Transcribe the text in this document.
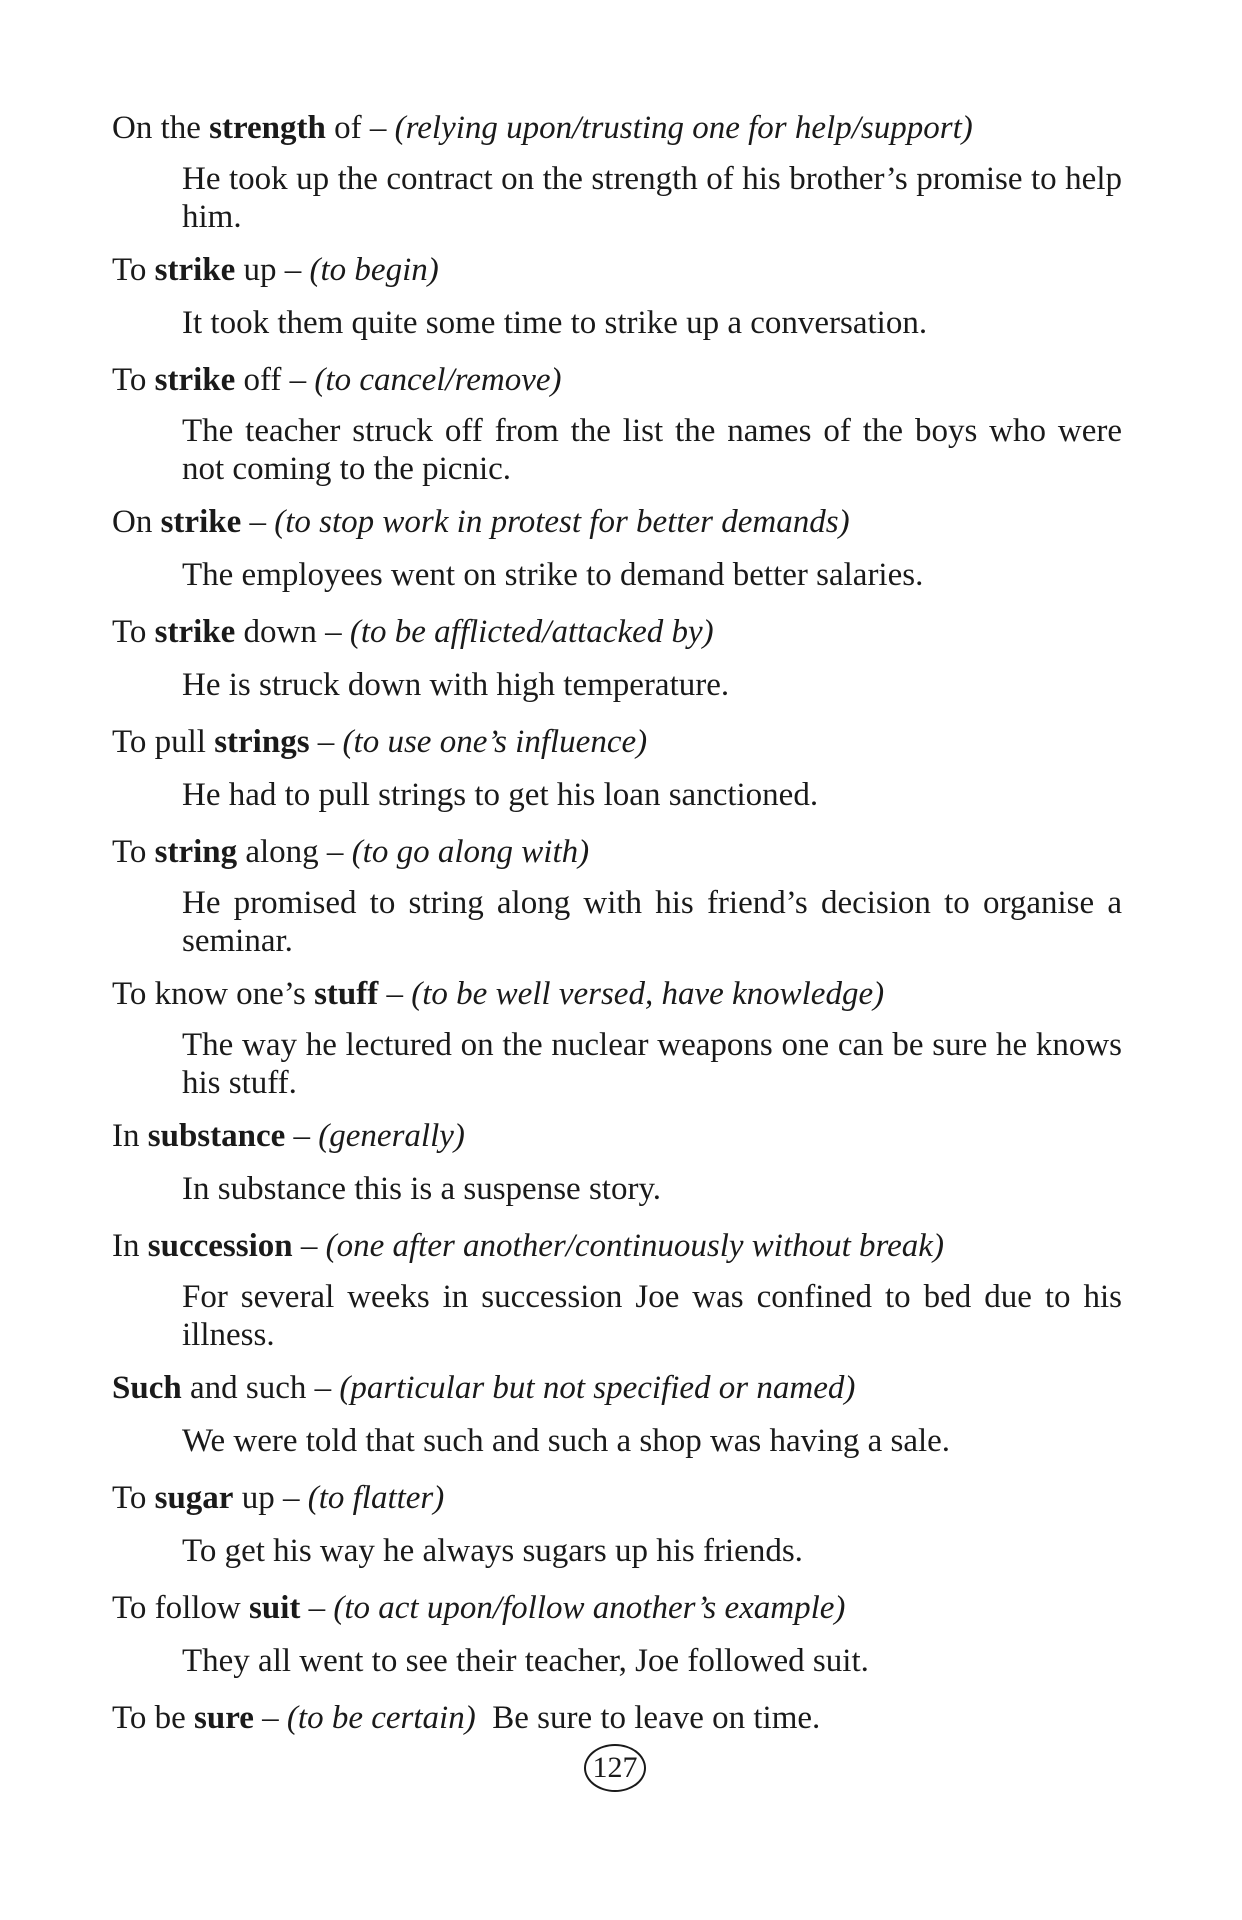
On the strength of – (relying upon/trusting one for help/support)

He took up the contract on the strength of his brother’s promise to help him.

To strike up – (to begin)

It took them quite some time to strike up a conversation.

To strike off – (to cancel/remove)

The teacher struck off from the list the names of the boys who were not coming to the picnic.

On strike – (to stop work in protest for better demands)

The employees went on strike to demand better salaries.

To strike down – (to be afflicted/attacked by)

He is struck down with high temperature.

To pull strings – (to use one’s influence)

He had to pull strings to get his loan sanctioned.

To string along – (to go along with)

He promised to string along with his friend’s decision to organise a seminar.

To know one’s stuff – (to be well versed, have knowledge)

The way he lectured on the nuclear weapons one can be sure he knows his stuff.

In substance – (generally)

In substance this is a suspense story.

In succession – (one after another/continuously without break)

For several weeks in succession Joe was confined to bed due to his illness.

Such and such – (particular but not specified or named)

We were told that such and such a shop was having a sale.

To sugar up – (to flatter)

To get his way he always sugars up his friends.

To follow suit – (to act upon/follow another’s example)

They all went to see their teacher, Joe followed suit.

To be sure – (to be certain) Be sure to leave on time.

127
